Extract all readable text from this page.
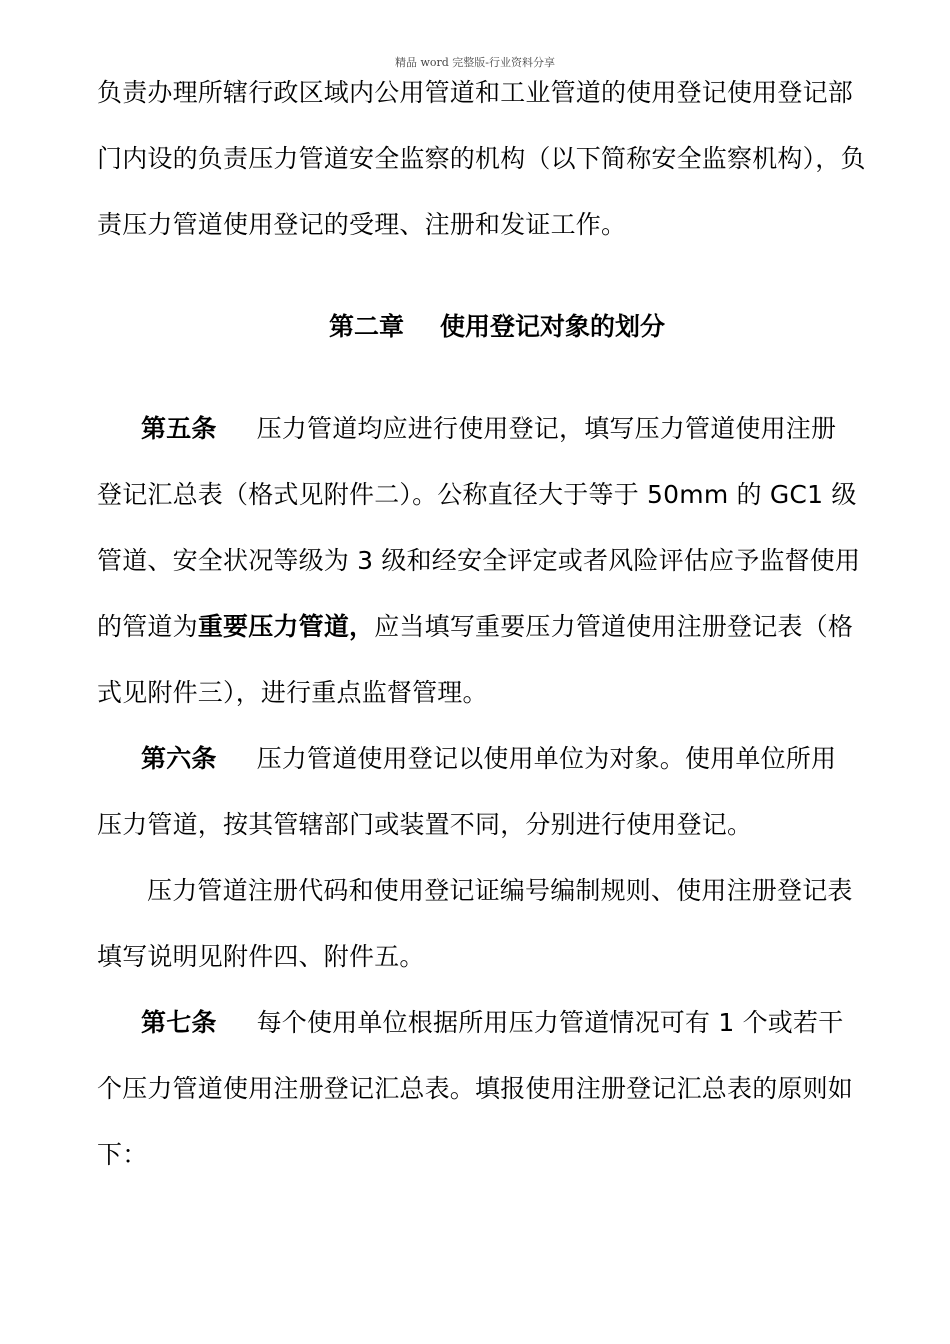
精品 word 完整版-行业资料分享
负责办理所辖行政区域内公用管道和工业管道的使用登记使用登记部
门内设的负责压力管道安全监察的机构（以下简称安全监察机构），负
责压力管道使用登记的受理、注册和发证工作。
第二章 使用登记对象的划分
第五条 压力管道均应进行使用登记，填写压力管道使用注册
登记汇总表（格式见附件二）。公称直径大于等于 50mm 的 GC1 级
管道、安全状况等级为 3 级和经安全评定或者风险评估应予监督使用
的管道为重要压力管道，应当填写重要压力管道使用注册登记表（格
式见附件三），进行重点监督管理。
第六条 压力管道使用登记以使用单位为对象。使用单位所用
压力管道，按其管辖部门或装置不同，分别进行使用登记。
压力管道注册代码和使用登记证编号编制规则、使用注册登记表
填写说明见附件四、附件五。
第七条 每个使用单位根据所用压力管道情况可有 1 个或若干
个压力管道使用注册登记汇总表。填报使用注册登记汇总表的原则如
下：
